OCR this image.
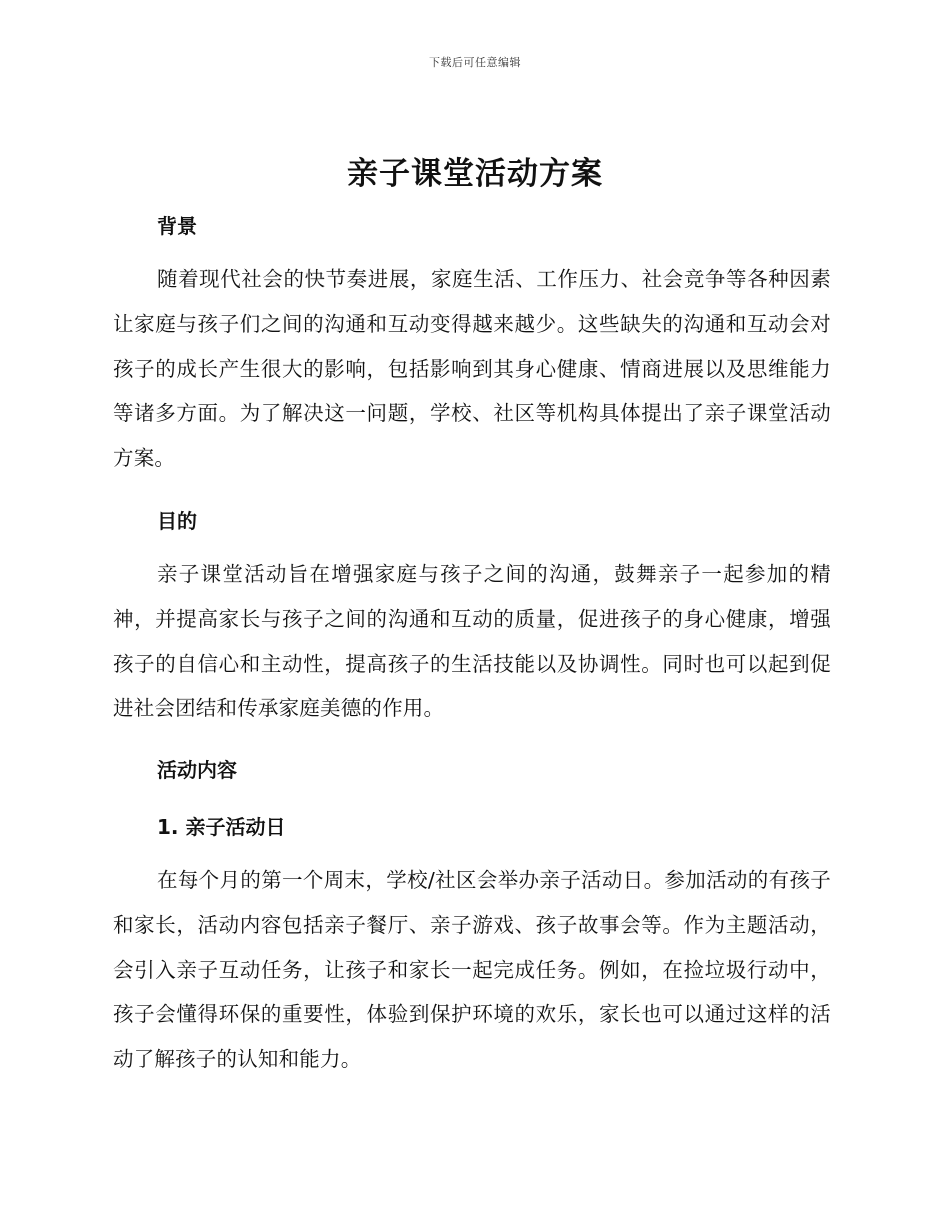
下载后可任意编辑
亲子课堂活动方案
背景
随着现代社会的快节奏进展，家庭生活、工作压力、社会竞争等各种因素让家庭与孩子们之间的沟通和互动变得越来越少。这些缺失的沟通和互动会对孩子的成长产生很大的影响，包括影响到其身心健康、情商进展以及思维能力等诸多方面。为了解决这一问题，学校、社区等机构具体提出了亲子课堂活动方案。
目的
亲子课堂活动旨在增强家庭与孩子之间的沟通，鼓舞亲子一起参加的精神，并提高家长与孩子之间的沟通和互动的质量，促进孩子的身心健康，增强孩子的自信心和主动性，提高孩子的生活技能以及协调性。同时也可以起到促进社会团结和传承家庭美德的作用。
活动内容
1. 亲子活动日
在每个月的第一个周末，学校/社区会举办亲子活动日。参加活动的有孩子和家长，活动内容包括亲子餐厅、亲子游戏、孩子故事会等。作为主题活动，会引入亲子互动任务，让孩子和家长一起完成任务。例如，在捡垃圾行动中，孩子会懂得环保的重要性，体验到保护环境的欢乐，家长也可以通过这样的活动了解孩子的认知和能力。
